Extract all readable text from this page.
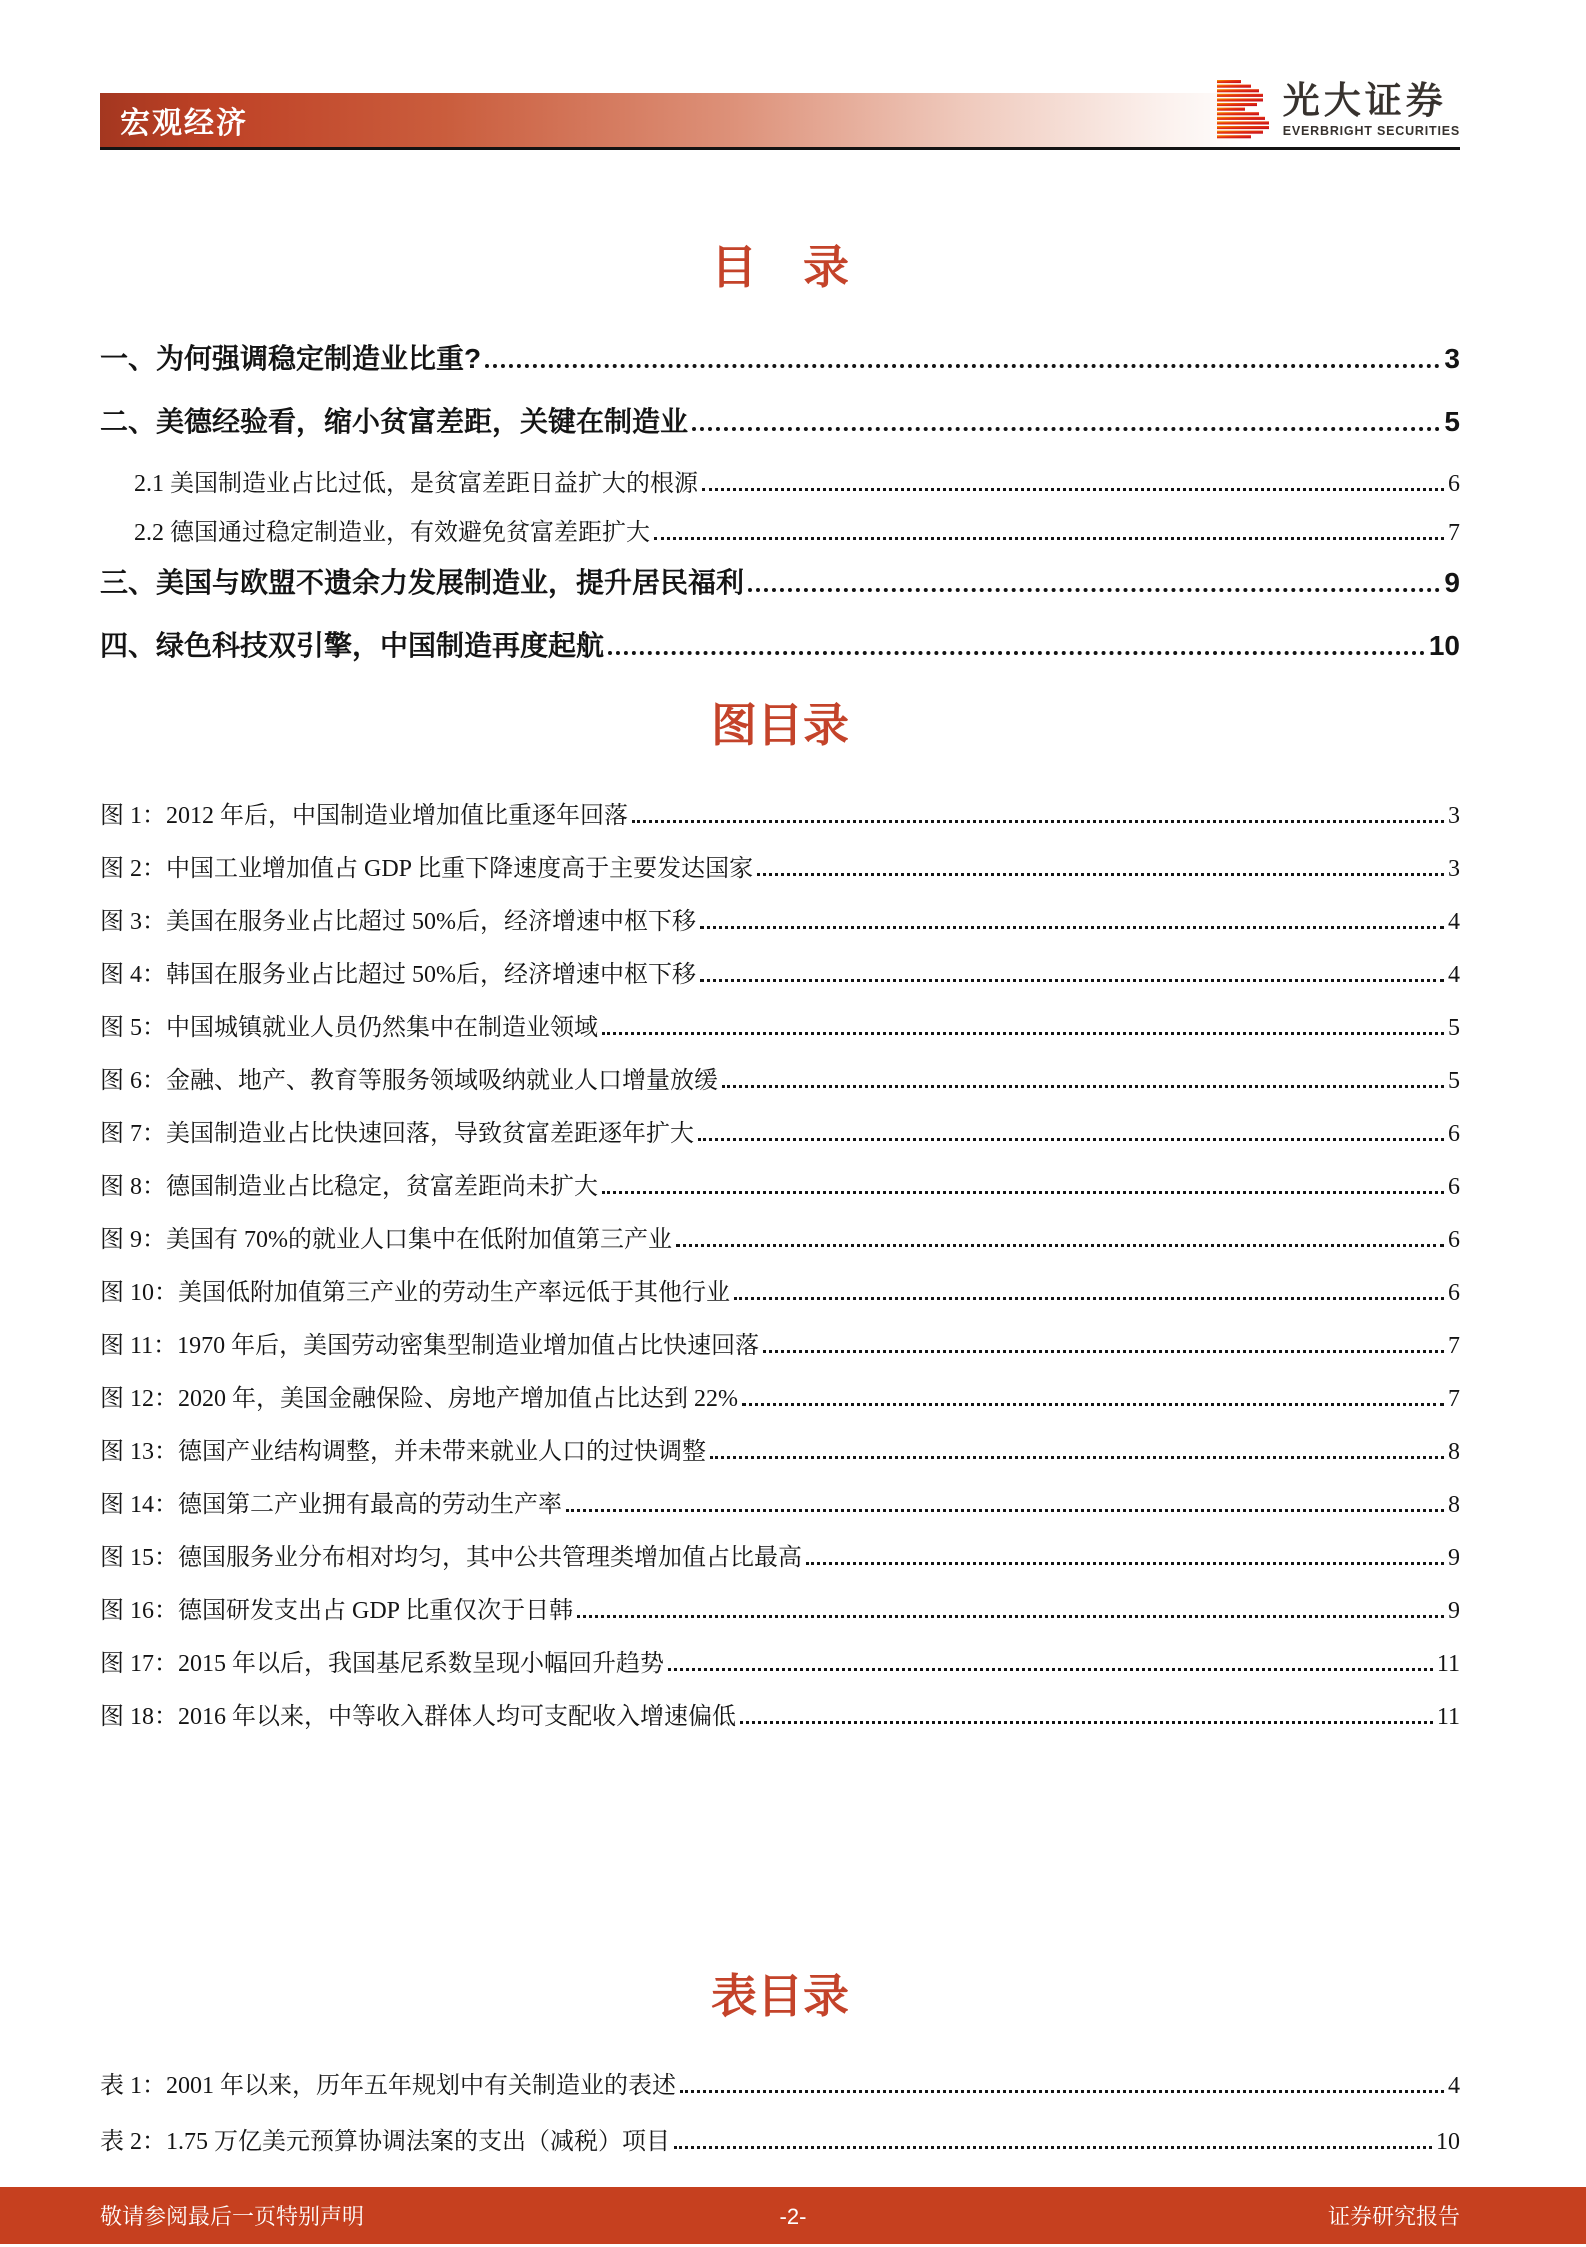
宏观经济
光大证券
EVERBRIGHT SECURITIES
目　录
一、为何强调稳定制造业比重?	3
二、美德经验看，缩小贫富差距，关键在制造业	5
2.1 美国制造业占比过低，是贫富差距日益扩大的根源	6
2.2 德国通过稳定制造业，有效避免贫富差距扩大	7
三、美国与欧盟不遗余力发展制造业，提升居民福利	9
四、绿色科技双引擎，中国制造再度起航	10
图目录
图 1：2012 年后，中国制造业增加值比重逐年回落	3
图 2：中国工业增加值占 GDP 比重下降速度高于主要发达国家	3
图 3：美国在服务业占比超过 50%后，经济增速中枢下移	4
图 4：韩国在服务业占比超过 50%后，经济增速中枢下移	4
图 5：中国城镇就业人员仍然集中在制造业领域	5
图 6：金融、地产、教育等服务领域吸纳就业人口增量放缓	5
图 7：美国制造业占比快速回落，导致贫富差距逐年扩大	6
图 8：德国制造业占比稳定，贫富差距尚未扩大	6
图 9：美国有 70%的就业人口集中在低附加值第三产业	6
图 10：美国低附加值第三产业的劳动生产率远低于其他行业	6
图 11：1970 年后，美国劳动密集型制造业增加值占比快速回落	7
图 12：2020 年，美国金融保险、房地产增加值占比达到 22%	7
图 13：德国产业结构调整，并未带来就业人口的过快调整	8
图 14：德国第二产业拥有最高的劳动生产率	8
图 15：德国服务业分布相对均匀，其中公共管理类增加值占比最高	9
图 16：德国研发支出占 GDP 比重仅次于日韩	9
图 17：2015 年以后，我国基尼系数呈现小幅回升趋势	11
图 18：2016 年以来，中等收入群体人均可支配收入增速偏低	11
表目录
表 1：2001 年以来，历年五年规划中有关制造业的表述	4
表 2：1.75 万亿美元预算协调法案的支出（减税）项目	10
敬请参阅最后一页特别声明	-2-	证券研究报告
